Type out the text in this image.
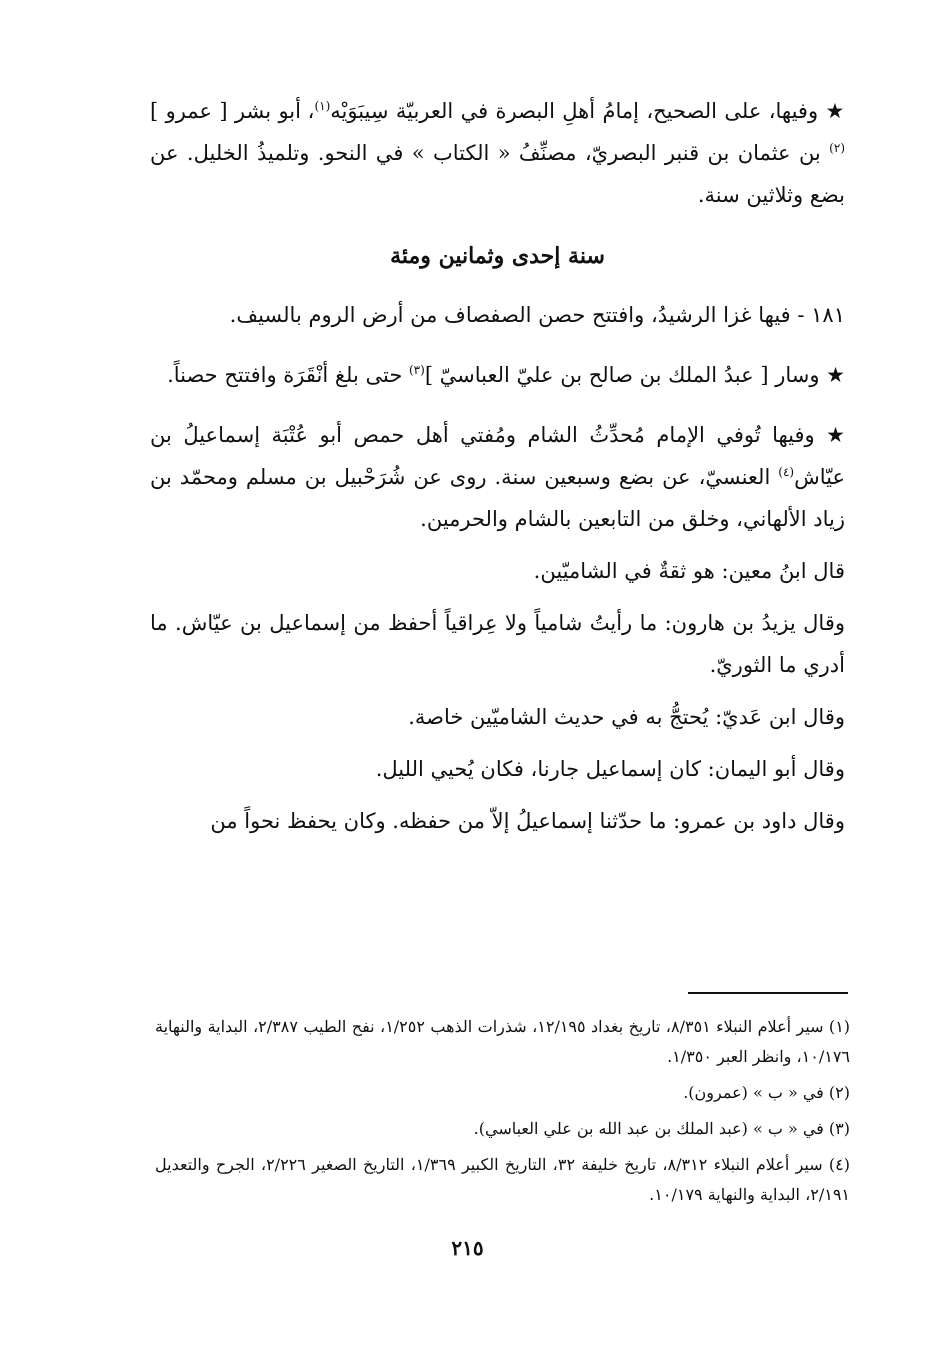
★ وفيها، على الصحيح، إمامُ أهلِ البصرة في العربيّة سِيبَوَيْه$^{(١)}$، أبو بشر [ عمرو ]$^{(٢)}$ بن عثمان بن قنبر البصريّ، مصنِّفُ « الكتاب » في النحو. وتلميذُ الخليل. عن بضع وثلاثين سنة.

سنة إحدى وثمانين ومئة

١٨١ - فيها غزا الرشيدُ، وافتتح حصن الصفصاف من أرض الروم بالسيف.

★ وسار [ عبدُ الملك بن صالح بن عليّ العباسيّ ]$^{(٣)}$ حتى بلغ أنْقَرَة وافتتح حصناً.

★ وفيها تُوفي الإمام مُحدِّثُ الشام ومُفتي أهل حمص أبو عُتْبَة إسماعيلُ بن عيّاش$^{(٤)}$ العنسيّ، عن بضع وسبعين سنة. روى عن شُرَحْبيل بن مسلم ومحمّد بن زياد الألهاني، وخلق من التابعين بالشام والحرمين.

قال ابنُ معين: هو ثقةٌ في الشاميّين.

وقال يزيدُ بن هارون: ما رأيتُ شامياً ولا عِراقياً أحفظ من إسماعيل بن عيّاش. ما أدري ما الثوريّ.

وقال ابن عَديّ: يُحتجُّ به في حديث الشاميّين خاصة.

وقال أبو اليمان: كان إسماعيل جارنا، فكان يُحيي الليل.

وقال داود بن عمرو: ما حدّثنا إسماعيلُ إلاّ من حفظه. وكان يحفظ نحواً من

(١) سير أعلام النبلاء ٨/٣٥١، تاريخ بغداد ١٢/١٩٥، شذرات الذهب ١/٢٥٢، نفح الطيب ٢/٣٨٧، البداية والنهاية ١٠/١٧٦، وانظر العبر ١/٣٥٠.

(٢) في « ب » (عمرون).

(٣) في « ب » (عبد الملك بن عبد الله بن علي العباسي).

(٤) سير أعلام النبلاء ٨/٣١٢، تاريخ خليفة ٣٢، التاريخ الكبير ١/٣٦٩، التاريخ الصغير ٢/٢٢٦، الجرح والتعديل ٢/١٩١، البداية والنهاية ١٠/١٧٩.

٢١٥
